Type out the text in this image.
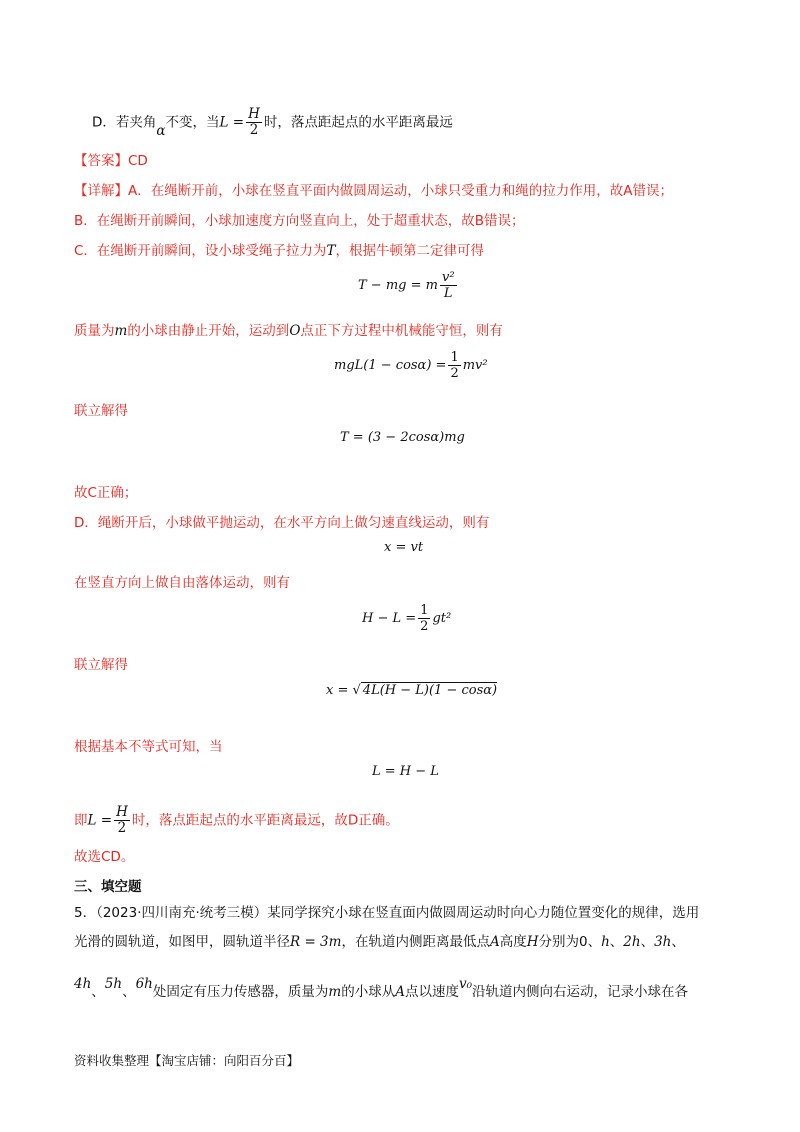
D．若夹角α不变，当$L = \frac{H}{2}$ 时，落点距起点的水平距离最远
【答案】CD
【详解】A．在绳断开前，小球在竖直平面内做圆周运动，小球只受重力和绳的拉力作用，故A错误；
B．在绳断开前瞬间，小球加速度方向竖直向上，处于超重状态，故B错误；
C．在绳断开前瞬间，设小球受绳子拉力为T，根据牛顿第二定律可得
T − mg = m $\frac{\text{v²}}{L}$
质量为m的小球由静止开始，运动到O点正下方过程中机械能守恒，则有
$mgL(1 - \cos\alpha) = \frac{1}{2} mv^2$
联立解得
T = (3 − 2cosα)mg
故C正确；
D．绳断开后，小球做平抛运动，在水平方向上做匀速直线运动，则有
x = vt
在竖直方向上做自由落体运动，则有
$H - L = \frac{1}{2} gt^2$
联立解得
x = √ 4L(H − L)(1 − cosα)
根据基本不等式可知，当
L = H − L
即$L = \frac{H}{2}$ 时，落点距起点的水平距离最远，故D正确。
故选CD。
三、填空题
5．（2023·四川南充·统考三模）某同学探究小球在竖直面内做圆周运动时向心力随位置变化的规律，选用
光滑的圆轨道，如图甲，圆轨道半径R = 3m，在轨道内侧距离最低点A高度H分别为0、h、2h、3h、
4h、5h、6h处固定有压力传感器，质量为m的小球从A点以速度v₀沿轨道内侧向右运动，记录小球在各
资料收集整理【淘宝店铺：向阳百分百】
